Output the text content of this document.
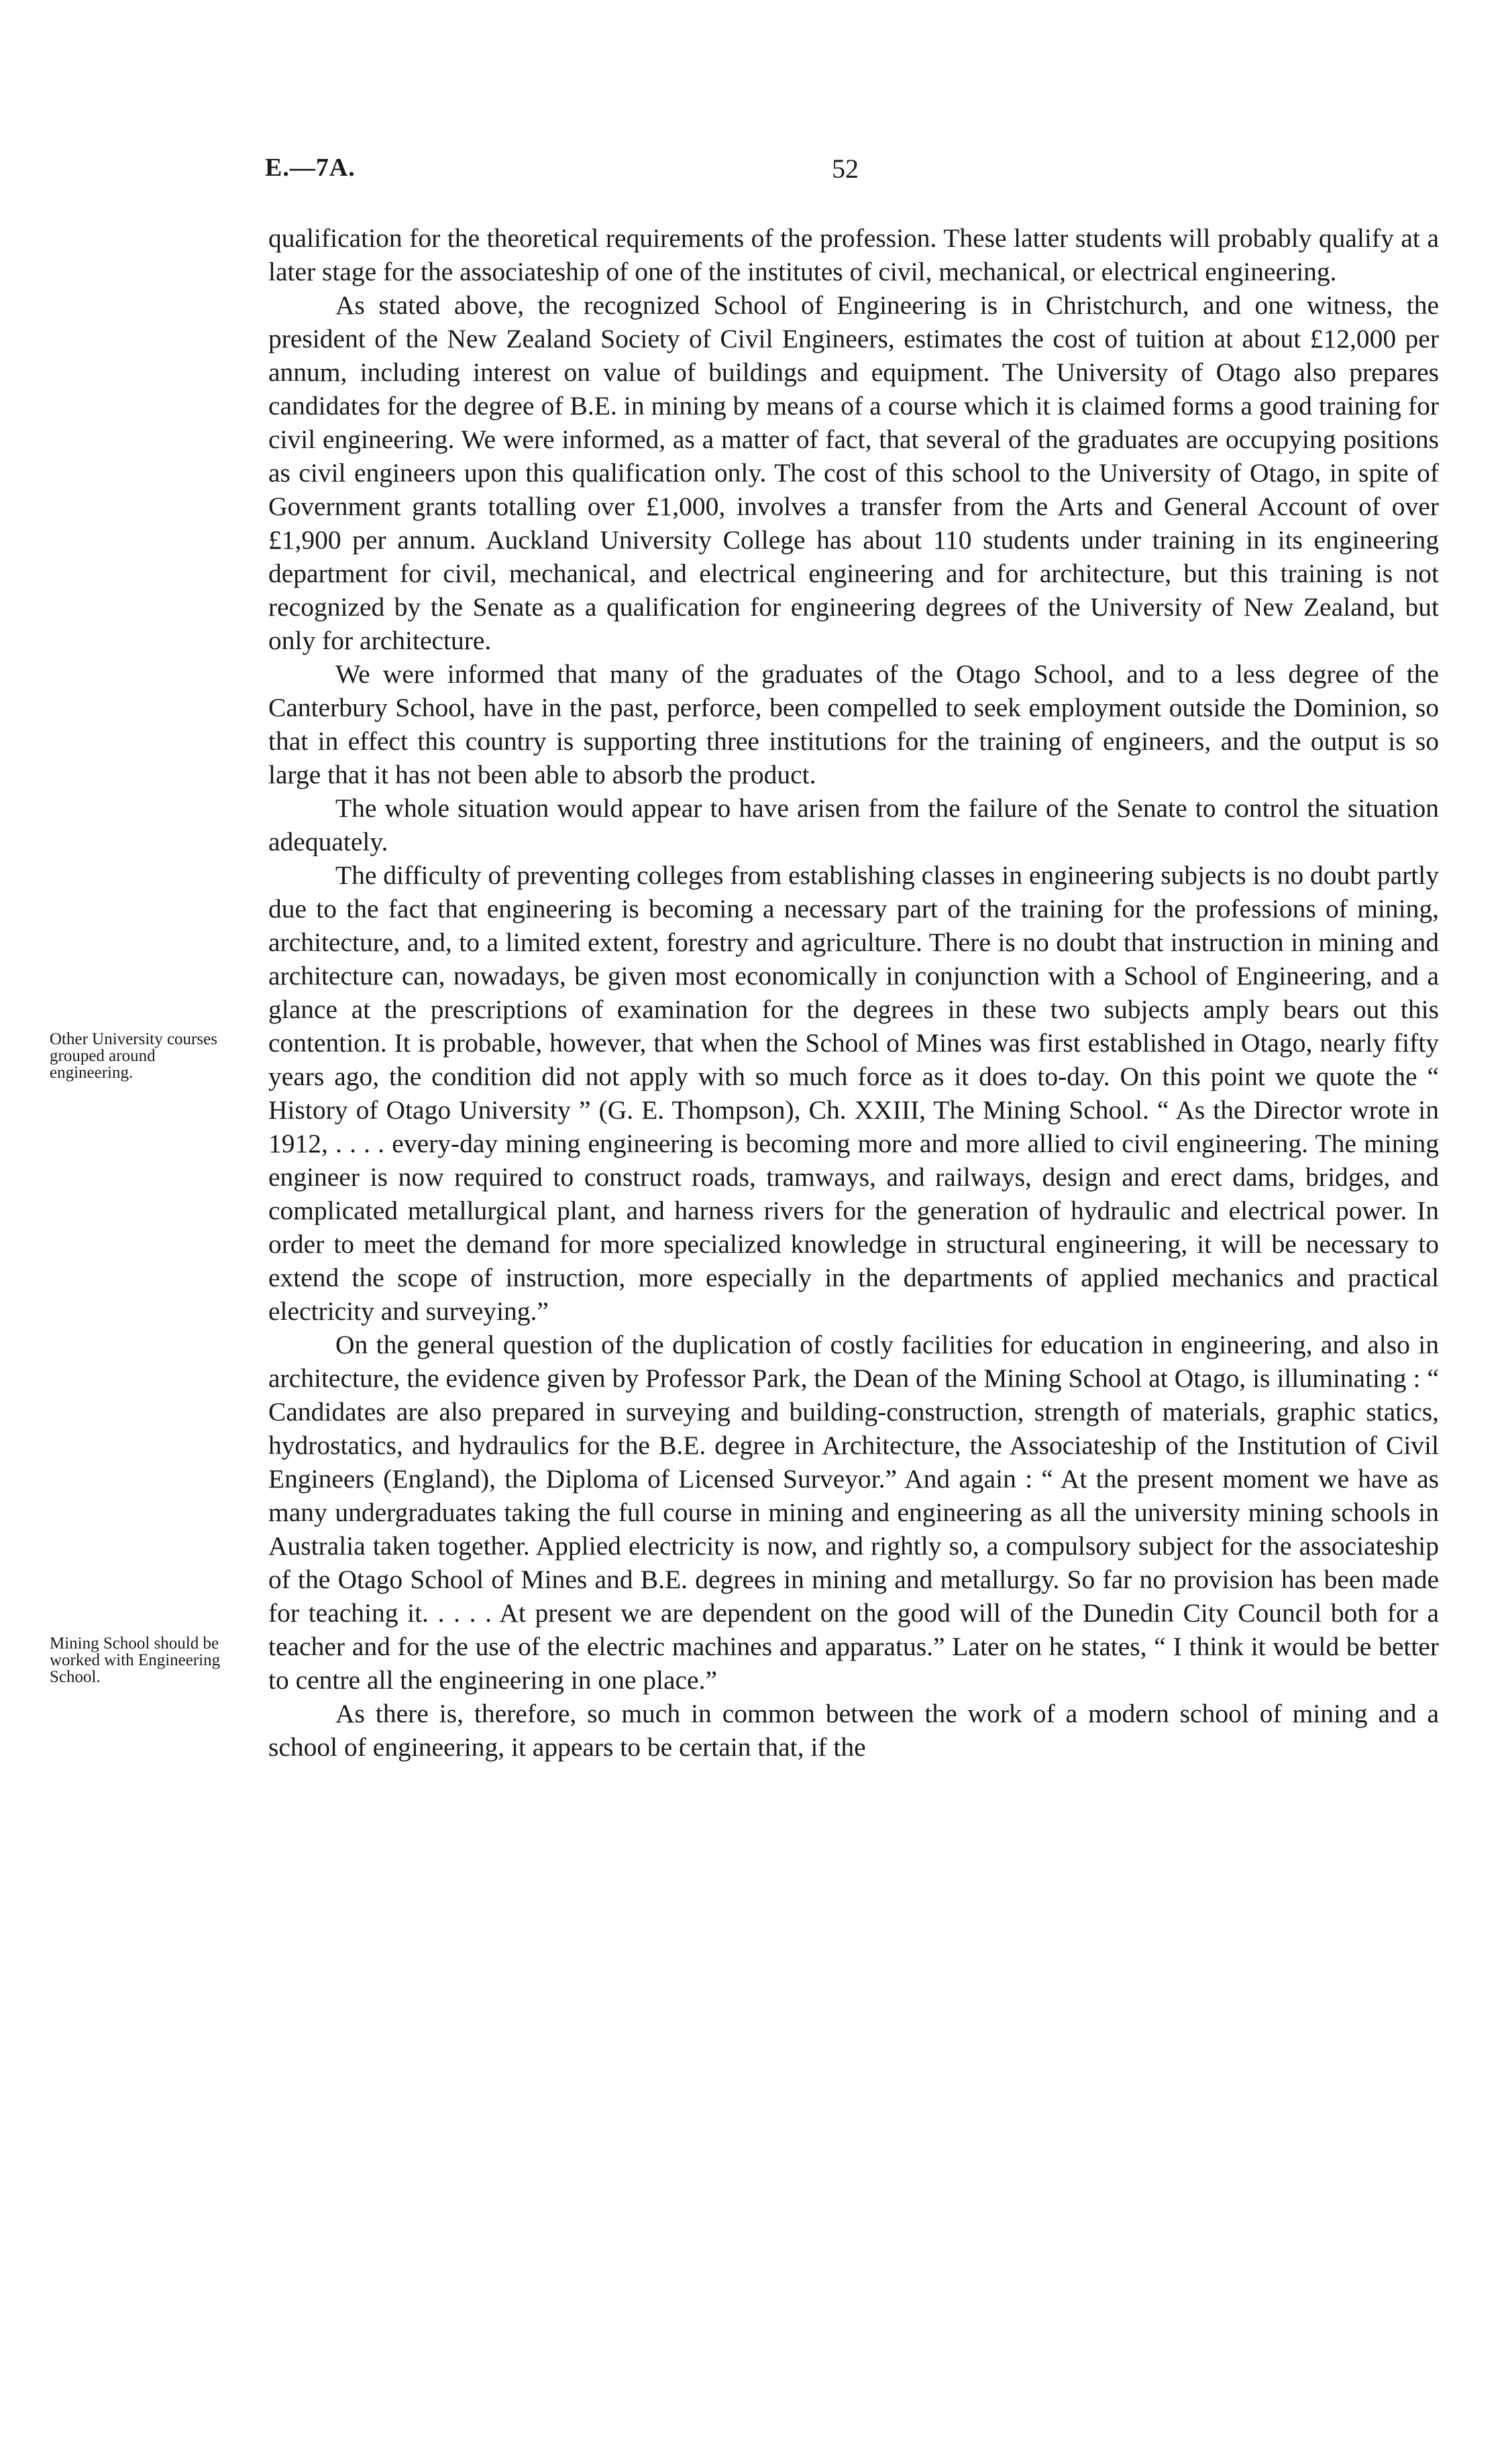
E.—7A.	52
Other University courses grouped around engineering.
Mining School should be worked with Engineering School.

qualification for the theoretical requirements of the profession. These latter students will probably qualify at a later stage for the associateship of one of the institutes of civil, mechanical, or electrical engineering.

As stated above, the recognized School of Engineering is in Christchurch, and one witness, the president of the New Zealand Society of Civil Engineers, estimates the cost of tuition at about £12,000 per annum, including interest on value of buildings and equipment. The University of Otago also prepares candidates for the degree of B.E. in mining by means of a course which it is claimed forms a good training for civil engineering. We were informed, as a matter of fact, that several of the graduates are occupying positions as civil engineers upon this qualification only. The cost of this school to the University of Otago, in spite of Government grants totalling over £1,000, involves a transfer from the Arts and General Account of over £1,900 per annum. Auckland University College has about 110 students under training in its engineering department for civil, mechanical, and electrical engineering and for architecture, but this training is not recognized by the Senate as a qualification for engineering degrees of the University of New Zealand, but only for architecture.

We were informed that many of the graduates of the Otago School, and to a less degree of the Canterbury School, have in the past, perforce, been compelled to seek employment outside the Dominion, so that in effect this country is supporting three institutions for the training of engineers, and the output is so large that it has not been able to absorb the product.

The whole situation would appear to have arisen from the failure of the Senate to control the situation adequately.

The difficulty of preventing colleges from establishing classes in engineering subjects is no doubt partly due to the fact that engineering is becoming a necessary part of the training for the professions of mining, architecture, and, to a limited extent, forestry and agriculture. There is no doubt that instruction in mining and architecture can, nowadays, be given most economically in conjunction with a School of Engineering, and a glance at the prescriptions of examination for the degrees in these two subjects amply bears out this contention. It is probable, however, that when the School of Mines was first established in Otago, nearly fifty years ago, the condition did not apply with so much force as it does to-day. On this point we quote the “ History of Otago University ” (G. E. Thompson), Ch. XXIII, The Mining School. “ As the Director wrote in 1912, . . . . every-day mining engineering is becoming more and more allied to civil engineering. The mining engineer is now required to construct roads, tramways, and railways, design and erect dams, bridges, and complicated metallurgical plant, and harness rivers for the generation of hydraulic and electrical power. In order to meet the demand for more specialized knowledge in structural engineering, it will be necessary to extend the scope of instruction, more especially in the departments of applied mechanics and practical electricity and surveying.”

On the general question of the duplication of costly facilities for education in engineering, and also in architecture, the evidence given by Professor Park, the Dean of the Mining School at Otago, is illuminating : “ Candidates are also prepared in surveying and building-construction, strength of materials, graphic statics, hydrostatics, and hydraulics for the B.E. degree in Architecture, the Associateship of the Institution of Civil Engineers (England), the Diploma of Licensed Surveyor.” And again : “ At the present moment we have as many undergraduates taking the full course in mining and engineering as all the university mining schools in Australia taken together. Applied electricity is now, and rightly so, a compulsory subject for the associateship of the Otago School of Mines and B.E. degrees in mining and metallurgy. So far no provision has been made for teaching it. . . . . At present we are dependent on the good will of the Dunedin City Council both for a teacher and for the use of the electric machines and apparatus.” Later on he states, “ I think it would be better to centre all the engineering in one place.”

As there is, therefore, so much in common between the work of a modern school of mining and a school of engineering, it appears to be certain that, if the
